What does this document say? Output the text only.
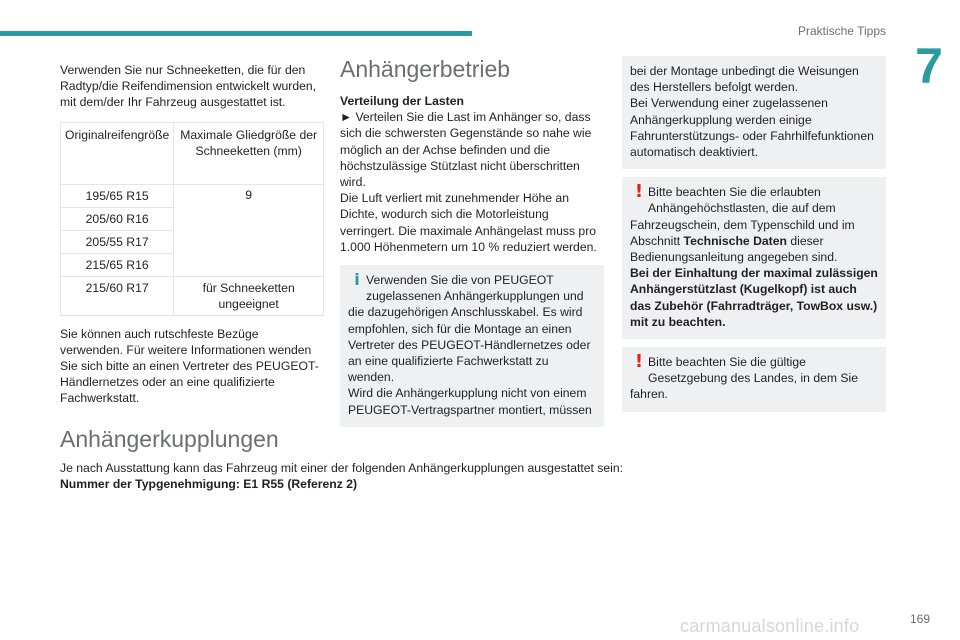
Praktische Tipps
7

Verwenden Sie nur Schneeketten, die für den Radtyp/die Reifendimension entwickelt wurden, mit dem/der Ihr Fahrzeug ausgestattet ist.

Originalreifengröße	Maximale Gliedgröße der Schneeketten (mm)
195/65 R15	9
205/60 R16	
205/55 R17	
215/65 R16	
215/60 R17	für Schneeketten ungeeignet

Sie können auch rutschfeste Bezüge verwenden. Für weitere Informationen wenden Sie sich bitte an einen Vertreter des PEUGEOT-Händlernetzes oder an eine qualifizierte Fachwerkstatt.

Anhängerbetrieb

Verteilung der Lasten

► Verteilen Sie die Last im Anhänger so, dass sich die schwersten Gegenstände so nahe wie möglich an der Achse befinden und die höchstzulässige Stützlast nicht überschritten wird.

Die Luft verliert mit zunehmender Höhe an Dichte, wodurch sich die Motorleistung verringert. Die maximale Anhängelast muss pro 1.000 Höhenmetern um 10 % reduziert werden.

i Verwenden Sie die von PEUGEOT zugelassenen Anhängerkupplungen und

die dazugehörigen Anschlusskabel. Es wird empfohlen, sich für die Montage an einen Vertreter des PEUGEOT-Händlernetzes oder an eine qualifizierte Fachwerkstatt zu wenden.

Wird die Anhängerkupplung nicht von einem PEUGEOT-Vertragspartner montiert, müssen

bei der Montage unbedingt die Weisungen des Herstellers befolgt werden.

Bei Verwendung einer zugelassenen Anhängerkupplung werden einige Fahrunterstützungs- oder Fahrhilfefunktionen automatisch deaktiviert.

! Bitte beachten Sie die erlaubten Anhängehöchstlasten, die auf dem

Fahrzeugschein, dem Typenschild und im Abschnitt Technische Daten dieser Bedienungsanleitung angegeben sind.

Bei der Einhaltung der maximal zulässigen Anhängerstützlast (Kugelkopf) ist auch das Zubehör (Fahrradträger, TowBox usw.) mit zu beachten.

! Bitte beachten Sie die gültige Gesetzgebung des Landes, in dem Sie

fahren.

Anhängerkupplungen

Je nach Ausstattung kann das Fahrzeug mit einer der folgenden Anhängerkupplungen ausgestattet sein:

Nummer der Typgenehmigung: E1 R55 (Referenz 2)

carmanualsonline.info	169
